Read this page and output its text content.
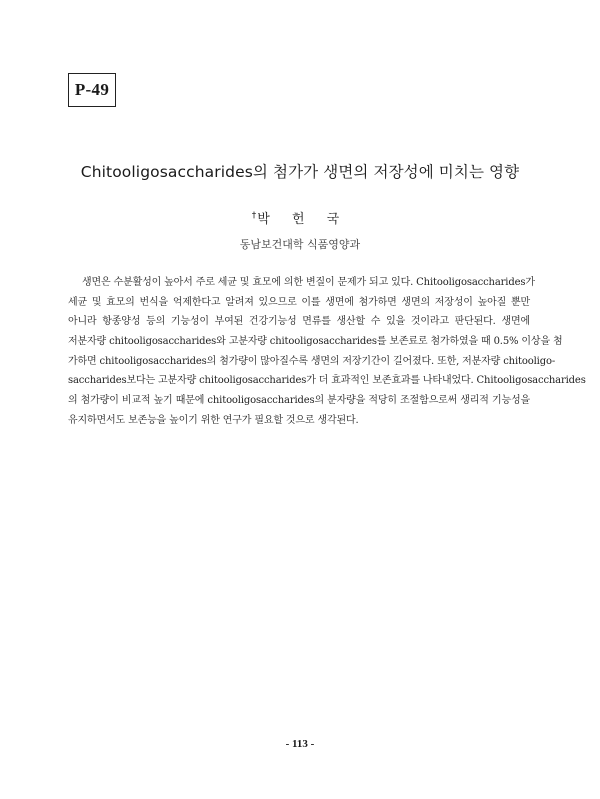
P-49
Chitooligosaccharides의 첨가가 생면의 저장성에 미치는 영향
†박 헌 국
동남보건대학 식품영양과
생면은 수분활성이 높아서 주로 세균 및 효모에 의한 변질이 문제가 되고 있다. Chitooligosaccharides가
세균 및 효모의 번식을 억제한다고 알려져 있으므로 이를 생면에 첨가하면 생면의 저장성이 높아질 뿐만
아니라 항종양성 등의 기능성이 부여된 건강기능성 면류를 생산할 수 있을 것이라고 판단된다. 생면에
저분자량 chitooligosaccharides와 고분자량 chitooligosaccharides를 보존료로 첨가하였을 때 0.5% 이상을 첨
가하면 chitooligosaccharides의 첨가량이 많아질수록 생면의 저장기간이 길어졌다. 또한, 저분자량 chitooligo-
saccharides보다는 고분자량 chitooligosaccharides가 더 효과적인 보존효과를 나타내었다. Chitooligosaccharides
의 첨가량이 비교적 높기 때문에 chitooligosaccharides의 분자량을 적당히 조절함으로써 생리적 기능성을
유지하면서도 보존능을 높이기 위한 연구가 필요할 것으로 생각된다.
- 113 -
